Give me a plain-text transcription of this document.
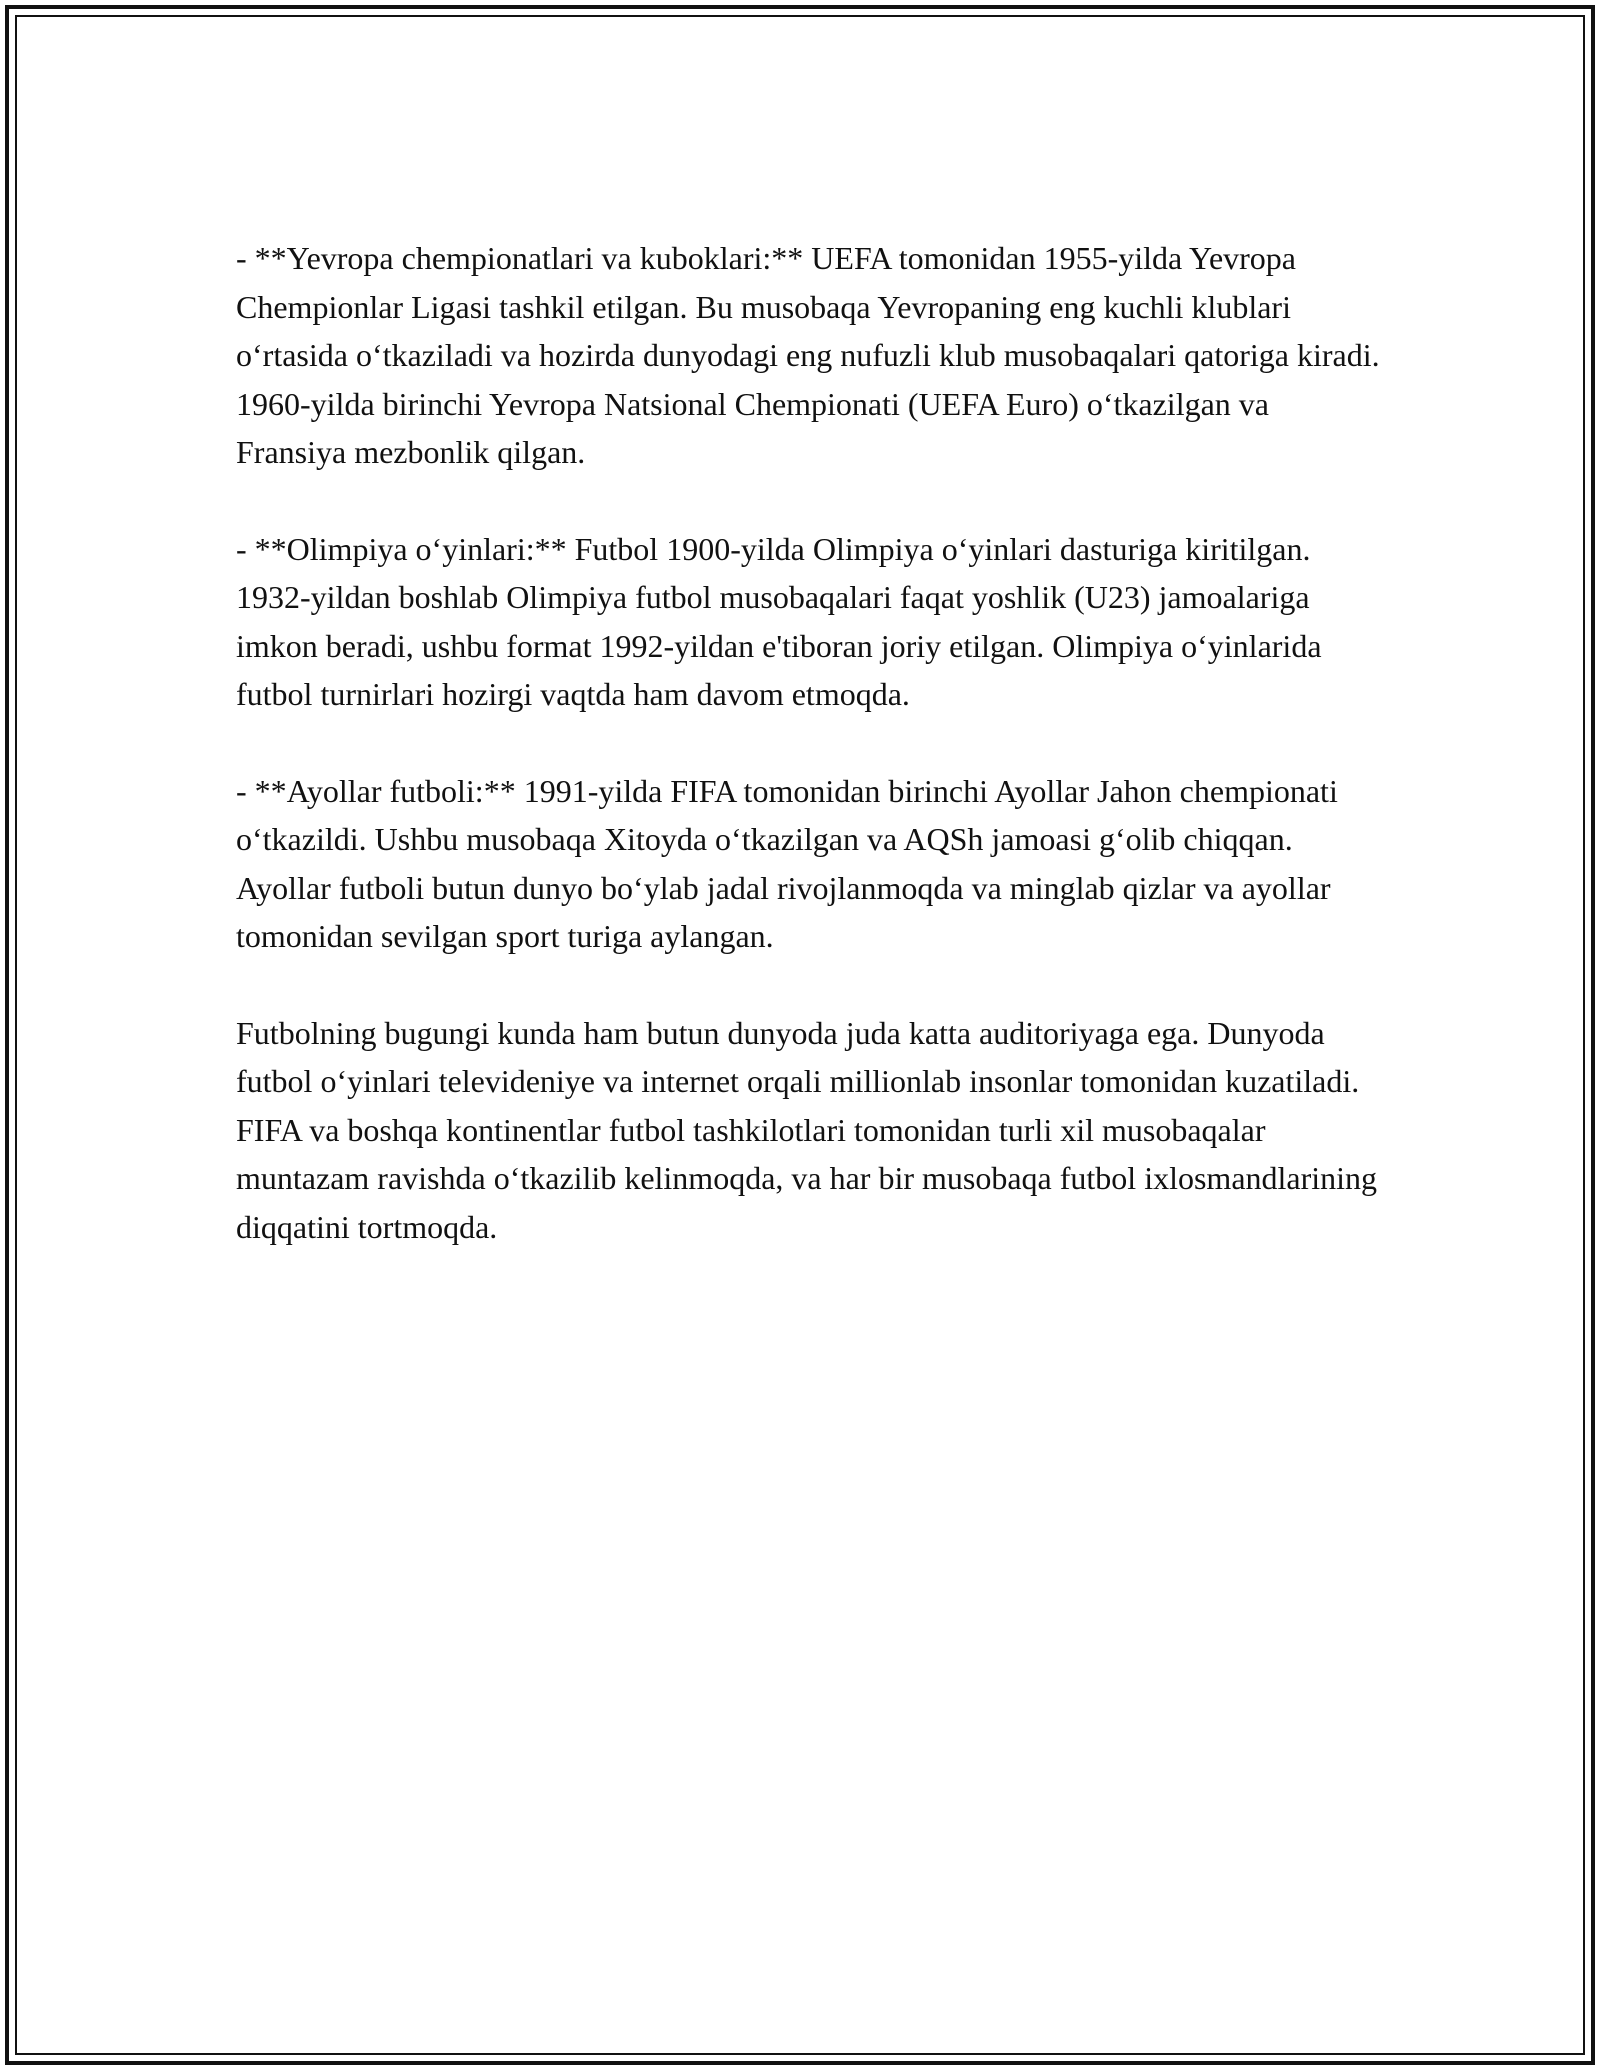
- **Yevropa chempionatlari va kuboklari:** UEFA tomonidan 1955-yilda Yevropa Chempionlar Ligasi tashkil etilgan. Bu musobaqa Yevropaning eng kuchli klublari o‘rtasida o‘tkaziladi va hozirda dunyodagi eng nufuzli klub musobaqalari qatoriga kiradi. 1960-yilda birinchi Yevropa Natsional Chempionati (UEFA Euro) o‘tkazilgan va Fransiya mezbonlik qilgan.

- **Olimpiya o‘yinlari:** Futbol 1900-yilda Olimpiya o‘yinlari dasturiga kiritilgan. 1932-yildan boshlab Olimpiya futbol musobaqalari faqat yoshlik (U23) jamoalariga imkon beradi, ushbu format 1992-yildan e'tiboran joriy etilgan. Olimpiya o‘yinlarida futbol turnirlari hozirgi vaqtda ham davom etmoqda.

- **Ayollar futboli:** 1991-yilda FIFA tomonidan birinchi Ayollar Jahon chempionati o‘tkazildi. Ushbu musobaqa Xitoyda o‘tkazilgan va AQSh jamoasi g‘olib chiqqan. Ayollar futboli butun dunyo bo‘ylab jadal rivojlanmoqda va minglab qizlar va ayollar tomonidan sevilgan sport turiga aylangan.

Futbolning bugungi kunda ham butun dunyoda juda katta auditoriyaga ega. Dunyoda futbol o‘yinlari televideniye va internet orqali millionlab insonlar tomonidan kuzatiladi. FIFA va boshqa kontinentlar futbol tashkilotlari tomonidan turli xil musobaqalar muntazam ravishda o‘tkazilib kelinmoqda, va har bir musobaqa futbol ixlosmandlarining diqqatini tortmoqda.
